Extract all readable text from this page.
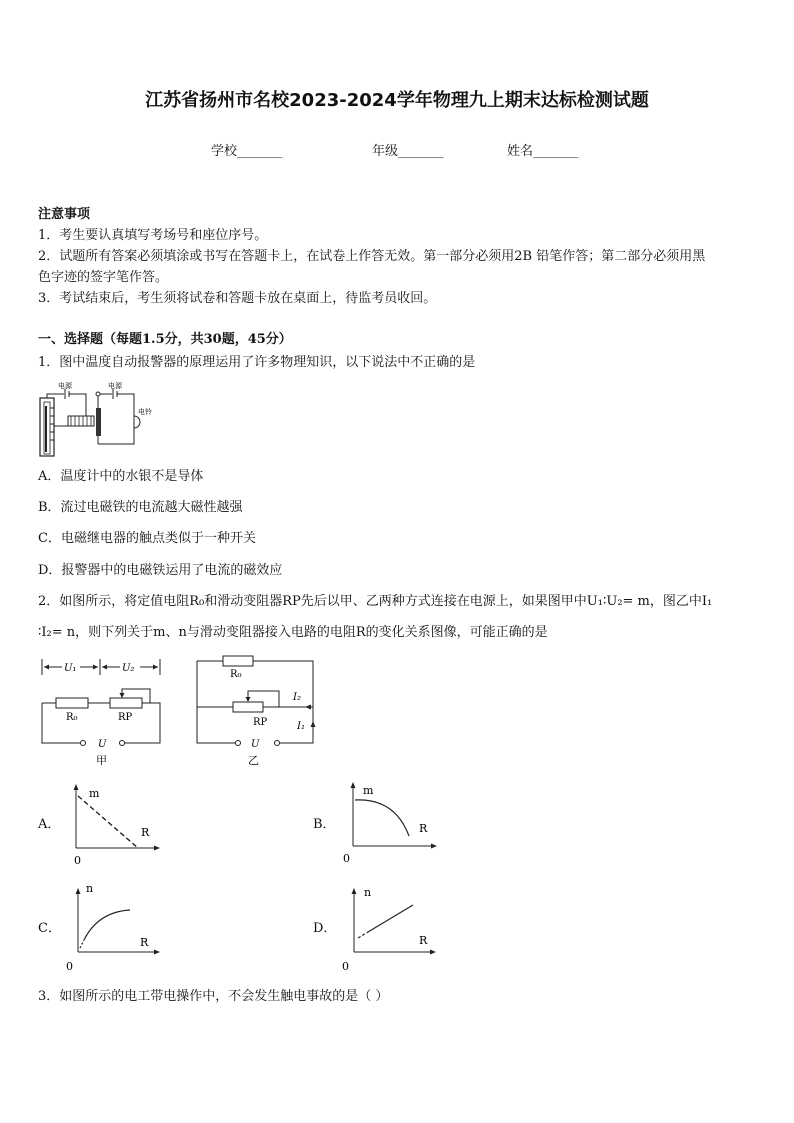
江苏省扬州市名校2023-2024学年物理九上期末达标检测试题
学校_______	年级_______	姓名_______
注意事项
1．考生要认真填写考场号和座位序号。
2．试题所有答案必须填涂或书写在答题卡上，在试卷上作答无效。第一部分必须用2B 铅笔作答；第二部分必须用黑
色字迹的签字笔作答。
3．考试结束后，考生须将试卷和答题卡放在桌面上，待监考员收回。
一、选择题（每题1.5分，共30题，45分）
1．图中温度自动报警器的原理运用了许多物理知识，以下说法中不正确的是
电源	电源
电铃
A．温度计中的水银不是导体
B．流过电磁铁的电流越大磁性越强
C．电磁继电器的触点类似于一种开关
D．报警器中的电磁铁运用了电流的磁效应
2．如图所示，将定值电阻R₀和滑动变阻器RP先后以甲、乙两种方式连接在电源上，如果图甲中U₁∶U₂= m，图乙中I₁
∶I₂= n，则下列关于m、n与滑动变阻器接入电路的电阻R的变化关系图像，可能正确的是
U₁	U₂
R₀	RP
U
甲
R₀
RP
I₂
I₁
U
乙
A．
m
R
0
B．
m
R
0
C．
n
R
0
D．
n
R
0
3．如图所示的电工带电操作中，不会发生触电事故的是（ ）
